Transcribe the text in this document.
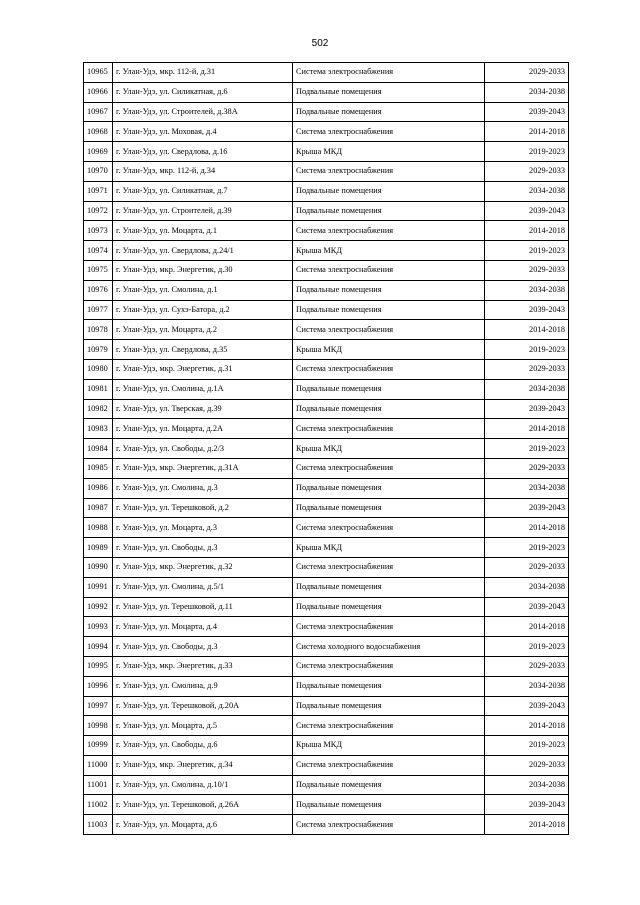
502
10965	г. Улан-Удэ, мкр. 112-й, д.31	Система электроснабжения	2029-2033
10966	г. Улан-Удэ, ул. Силикатная, д.6	Подвальные помещения	2034-2038
10967	г. Улан-Удэ, ул. Строителей, д.38А	Подвальные помещения	2039-2043
10968	г. Улан-Удэ, ул. Моховая, д.4	Система электроснабжения	2014-2018
10969	г. Улан-Удэ, ул. Свердлова, д.16	Крыша МКД	2019-2023
10970	г. Улан-Удэ, мкр. 112-й, д.34	Система электроснабжения	2029-2033
10971	г. Улан-Удэ, ул. Силикатная, д.7	Подвальные помещения	2034-2038
10972	г. Улан-Удэ, ул. Строителей, д.39	Подвальные помещения	2039-2043
10973	г. Улан-Удэ, ул. Моцарта, д.1	Система электроснабжения	2014-2018
10974	г. Улан-Удэ, ул. Свердлова, д.24/1	Крыша МКД	2019-2023
10975	г. Улан-Удэ, мкр. Энергетик, д.30	Система электроснабжения	2029-2033
10976	г. Улан-Удэ, ул. Смолина, д.1	Подвальные помещения	2034-2038
10977	г. Улан-Удэ, ул. Сухэ-Батора, д.2	Подвальные помещения	2039-2043
10978	г. Улан-Удэ, ул. Моцарта, д.2	Система электроснабжения	2014-2018
10979	г. Улан-Удэ, ул. Свердлова, д.35	Крыша МКД	2019-2023
10980	г. Улан-Удэ, мкр. Энергетик, д.31	Система электроснабжения	2029-2033
10981	г. Улан-Удэ, ул. Смолина, д.1А	Подвальные помещения	2034-2038
10982	г. Улан-Удэ, ул. Тверская, д.39	Подвальные помещения	2039-2043
10983	г. Улан-Удэ, ул. Моцарта, д.2А	Система электроснабжения	2014-2018
10984	г. Улан-Удэ, ул. Свободы, д.2/3	Крыша МКД	2019-2023
10985	г. Улан-Удэ, мкр. Энергетик, д.31А	Система электроснабжения	2029-2033
10986	г. Улан-Удэ, ул. Смолина, д.3	Подвальные помещения	2034-2038
10987	г. Улан-Удэ, ул. Терешковой, д.2	Подвальные помещения	2039-2043
10988	г. Улан-Удэ, ул. Моцарта, д.3	Система электроснабжения	2014-2018
10989	г. Улан-Удэ, ул. Свободы, д.3	Крыша МКД	2019-2023
10990	г. Улан-Удэ, мкр. Энергетик, д.32	Система электроснабжения	2029-2033
10991	г. Улан-Удэ, ул. Смолина, д.5/1	Подвальные помещения	2034-2038
10992	г. Улан-Удэ, ул. Терешковой, д.11	Подвальные помещения	2039-2043
10993	г. Улан-Удэ, ул. Моцарта, д.4	Система электроснабжения	2014-2018
10994	г. Улан-Удэ, ул. Свободы, д.3	Система холодного водоснабжения	2019-2023
10995	г. Улан-Удэ, мкр. Энергетик, д.33	Система электроснабжения	2029-2033
10996	г. Улан-Удэ, ул. Смолина, д.9	Подвальные помещения	2034-2038
10997	г. Улан-Удэ, ул. Терешковой, д.20А	Подвальные помещения	2039-2043
10998	г. Улан-Удэ, ул. Моцарта, д.5	Система электроснабжения	2014-2018
10999	г. Улан-Удэ, ул. Свободы, д.6	Крыша МКД	2019-2023
11000	г. Улан-Удэ, мкр. Энергетик, д.34	Система электроснабжения	2029-2033
11001	г. Улан-Удэ, ул. Смолина, д.10/1	Подвальные помещения	2034-2038
11002	г. Улан-Удэ, ул. Терешковой, д.26А	Подвальные помещения	2039-2043
11003	г. Улан-Удэ, ул. Моцарта, д.6	Система электроснабжения	2014-2018
